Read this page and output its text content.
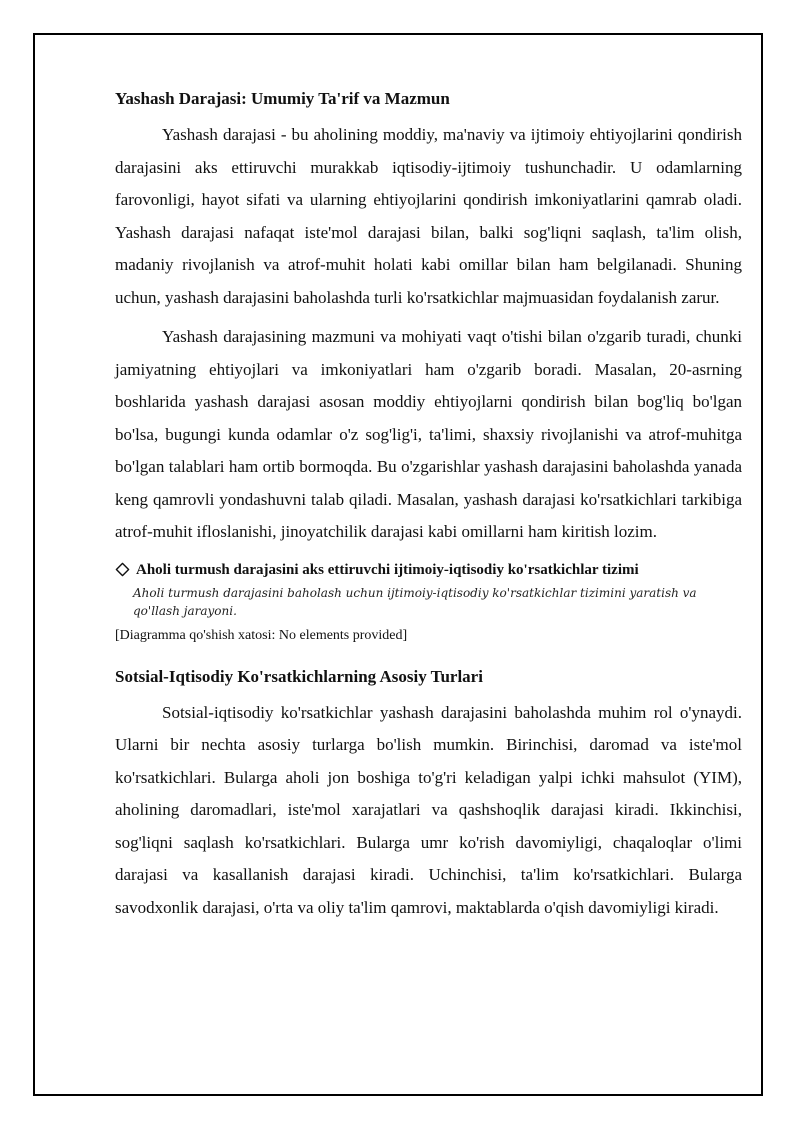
Yashash Darajasi: Umumiy Ta'rif va Mazmun

Yashash darajasi - bu aholining moddiy, ma'naviy va ijtimoiy ehtiyojlarini qondirish darajasini aks ettiruvchi murakkab iqtisodiy-ijtimoiy tushunchadir. U odamlarning farovonligi, hayot sifati va ularning ehtiyojlarini qondirish imkoniyatlarini qamrab oladi. Yashash darajasi nafaqat iste'mol darajasi bilan, balki sog'liqni saqlash, ta'lim olish, madaniy rivojlanish va atrof-muhit holati kabi omillar bilan ham belgilanadi. Shuning uchun, yashash darajasini baholashda turli ko'rsatkichlar majmuasidan foydalanish zarur.

Yashash darajasining mazmuni va mohiyati vaqt o'tishi bilan o'zgarib turadi, chunki jamiyatning ehtiyojlari va imkoniyatlari ham o'zgarib boradi. Masalan, 20-asrning boshlarida yashash darajasi asosan moddiy ehtiyojlarni qondirish bilan bog'liq bo'lgan bo'lsa, bugungi kunda odamlar o'z sog'lig'i, ta'limi, shaxsiy rivojlanishi va atrof-muhitga bo'lgan talablari ham ortib bormoqda. Bu o'zgarishlar yashash darajasini baholashda yanada keng qamrovli yondashuvni talab qiladi. Masalan, yashash darajasi ko'rsatkichlari tarkibiga atrof-muhit ifloslanishi, jinoyatchilik darajasi kabi omillarni ham kiritish lozim.

Aholi turmush darajasini aks ettiruvchi ijtimoiy-iqtisodiy ko'rsatkichlar tizimi
Aholi turmush darajasini baholash uchun ijtimoiy-iqtisodiy ko'rsatkichlar tizimini yaratish va qo'llash jarayoni.
[Diagramma qo'shish xatosi: No elements provided]
Sotsial-Iqtisodiy Ko'rsatkichlarning Asosiy Turlari

Sotsial-iqtisodiy ko'rsatkichlar yashash darajasini baholashda muhim rol o'ynaydi. Ularni bir nechta asosiy turlarga bo'lish mumkin. Birinchisi, daromad va iste'mol ko'rsatkichlari. Bularga aholi jon boshiga to'g'ri keladigan yalpi ichki mahsulot (YIM), aholining daromadlari, iste'mol xarajatlari va qashshoqlik darajasi kiradi. Ikkinchisi, sog'liqni saqlash ko'rsatkichlari. Bularga umr ko'rish davomiyligi, chaqaloqlar o'limi darajasi va kasallanish darajasi kiradi. Uchinchisi, ta'lim ko'rsatkichlari. Bularga savodxonlik darajasi, o'rta va oliy ta'lim qamrovi, maktablarda o'qish davomiyligi kiradi.
